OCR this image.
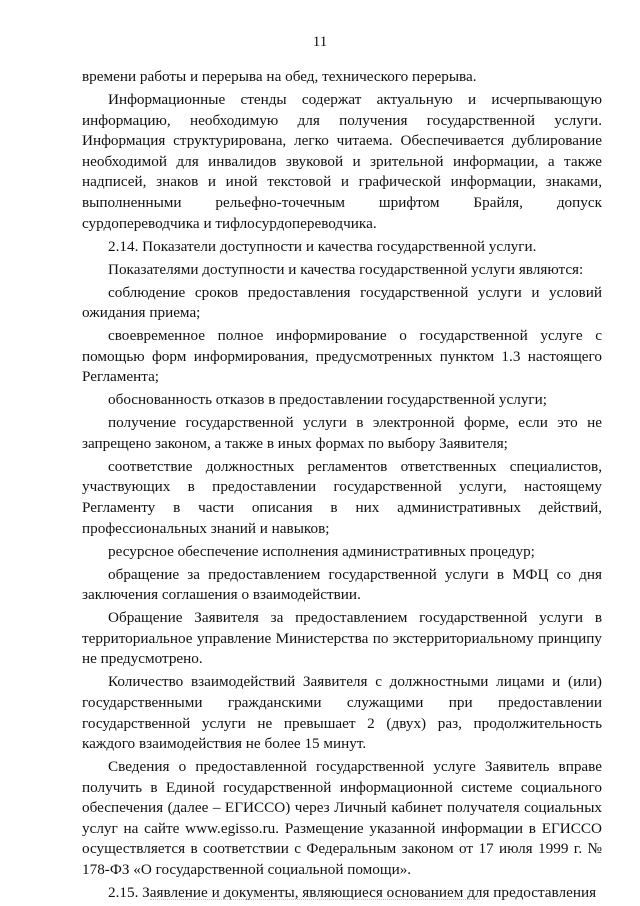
11

времени работы и перерыва на обед, технического перерыва.

Информационные стенды содержат актуальную и исчерпывающую информацию, необходимую для получения государственной услуги. Информация структурирована, легко читаема. Обеспечивается дублирование необходимой для инвалидов звуковой и зрительной информации, а также надписей, знаков и иной текстовой и графической информации, знаками, выполненными рельефно-точечным шрифтом Брайля, допуск сурдопереводчика и тифлосурдопереводчика.

2.14. Показатели доступности и качества государственной услуги.

Показателями доступности и качества государственной услуги являются:

соблюдение сроков предоставления государственной услуги и условий ожидания приема;

своевременное полное информирование о государственной услуге с помощью форм информирования, предусмотренных пунктом 1.3 настоящего Регламента;

обоснованность отказов в предоставлении государственной услуги;

получение государственной услуги в электронной форме, если это не запрещено законом, а также в иных формах по выбору Заявителя;

соответствие должностных регламентов ответственных специалистов, участвующих в предоставлении государственной услуги, настоящему Регламенту в части описания в них административных действий, профессиональных знаний и навыков;

ресурсное обеспечение исполнения административных процедур;

обращение за предоставлением государственной услуги в МФЦ со дня заключения соглашения о взаимодействии.

Обращение Заявителя за предоставлением государственной услуги в территориальное управление Министерства по экстерриториальному принципу не предусмотрено.

Количество взаимодействий Заявителя с должностными лицами и (или) государственными гражданскими служащими при предоставлении государственной услуги не превышает 2 (двух) раз, продолжительность каждого взаимодействия не более 15 минут.

Сведения о предоставленной государственной услуге Заявитель вправе получить в Единой государственной информационной системе социального обеспечения (далее – ЕГИССО) через Личный кабинет получателя социальных услуг на сайте www.egisso.ru. Размещение указанной информации в ЕГИССО осуществляется в соответствии с Федеральным законом от 17 июля 1999 г. № 178-ФЗ «О государственной социальной помощи».

2.15. Заявление и документы, являющиеся основанием для предоставления
